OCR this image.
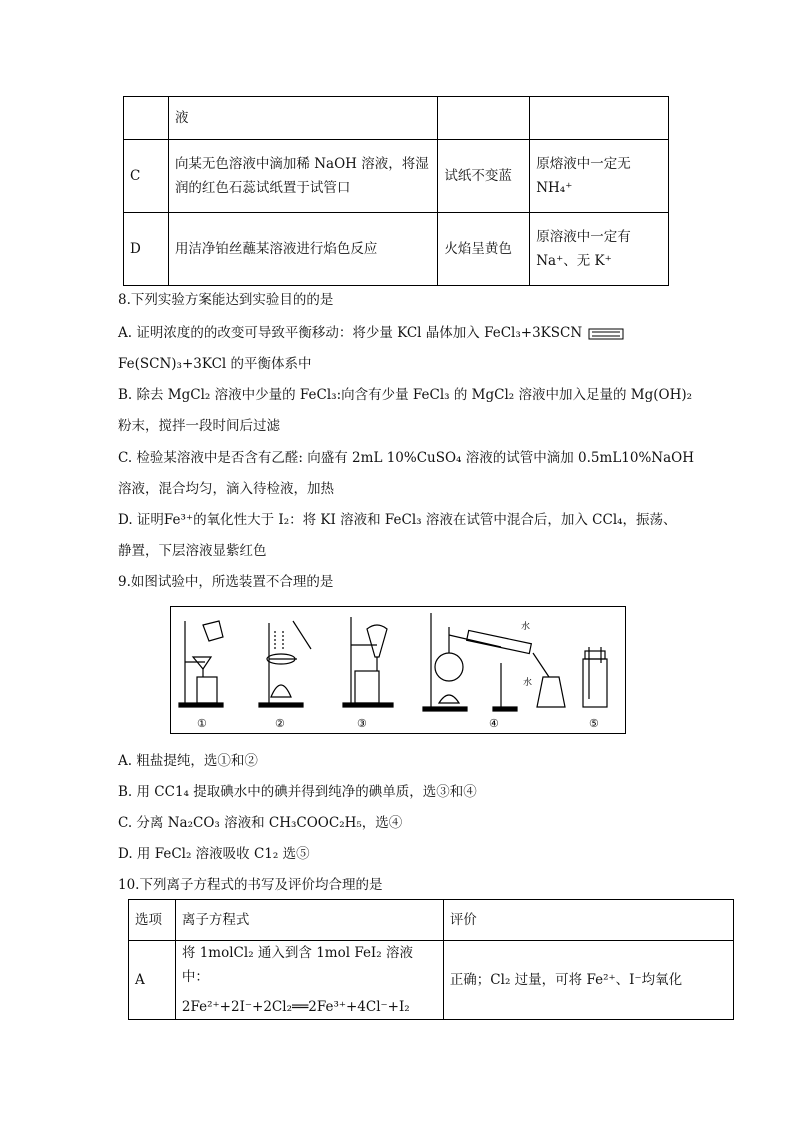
	液		
C	向某无色溶液中滴加稀 NaOH 溶液，将湿润的红色石蕊试纸置于试管口	试纸不变蓝	原熔液中一定无 NH₄⁺
D	用洁净铂丝蘸某溶液进行焰色反应	火焰呈黄色	原溶液中一定有 Na⁺、无 K⁺
8.下列实验方案能达到实验目的的是
A. 证明浓度的的改变可导致平衡移动：将少量 KCl 晶体加入 FeCl₃+3KSCN
Fe(SCN)₃+3KCl 的平衡体系中
B. 除去 MgCl₂ 溶液中少量的 FeCl₃:向含有少量 FeCl₃ 的 MgCl₂ 溶液中加入足量的 Mg(OH)₂
粉末，搅拌一段时间后过滤
C. 检验某溶液中是否含有乙醛: 向盛有 2mL 10%CuSO₄ 溶液的试管中滴加 0.5mL10%NaOH
溶液，混合均匀，滴入待检液，加热
D. 证明Fe³⁺的氧化性大于 I₂：将 KI 溶液和 FeCl₃ 溶液在试管中混合后，加入 CCl₄，振荡、
静置，下层溶液显紫红色
9.如图试验中，所选装置不合理的是
水
水
①	②	③	④	⑤
A. 粗盐提纯，选①和②
B. 用 CC1₄ 提取碘水中的碘并得到纯净的碘单质，选③和④
C. 分离 Na₂CO₃ 溶液和 CH₃COOC₂H₅，选④
D. 用 FeCl₂ 溶液吸收 C1₂ 选⑤
10.下列离子方程式的书写及评价均合理的是
选项	离子方程式	评价
A	将 1molCl₂ 通入到含 1mol FeI₂ 溶液中：
2Fe²⁺+2I⁻+2Cl₂══2Fe³⁺+4Cl⁻+I₂	正确；Cl₂ 过量，可将 Fe²⁺、I⁻均氧化
